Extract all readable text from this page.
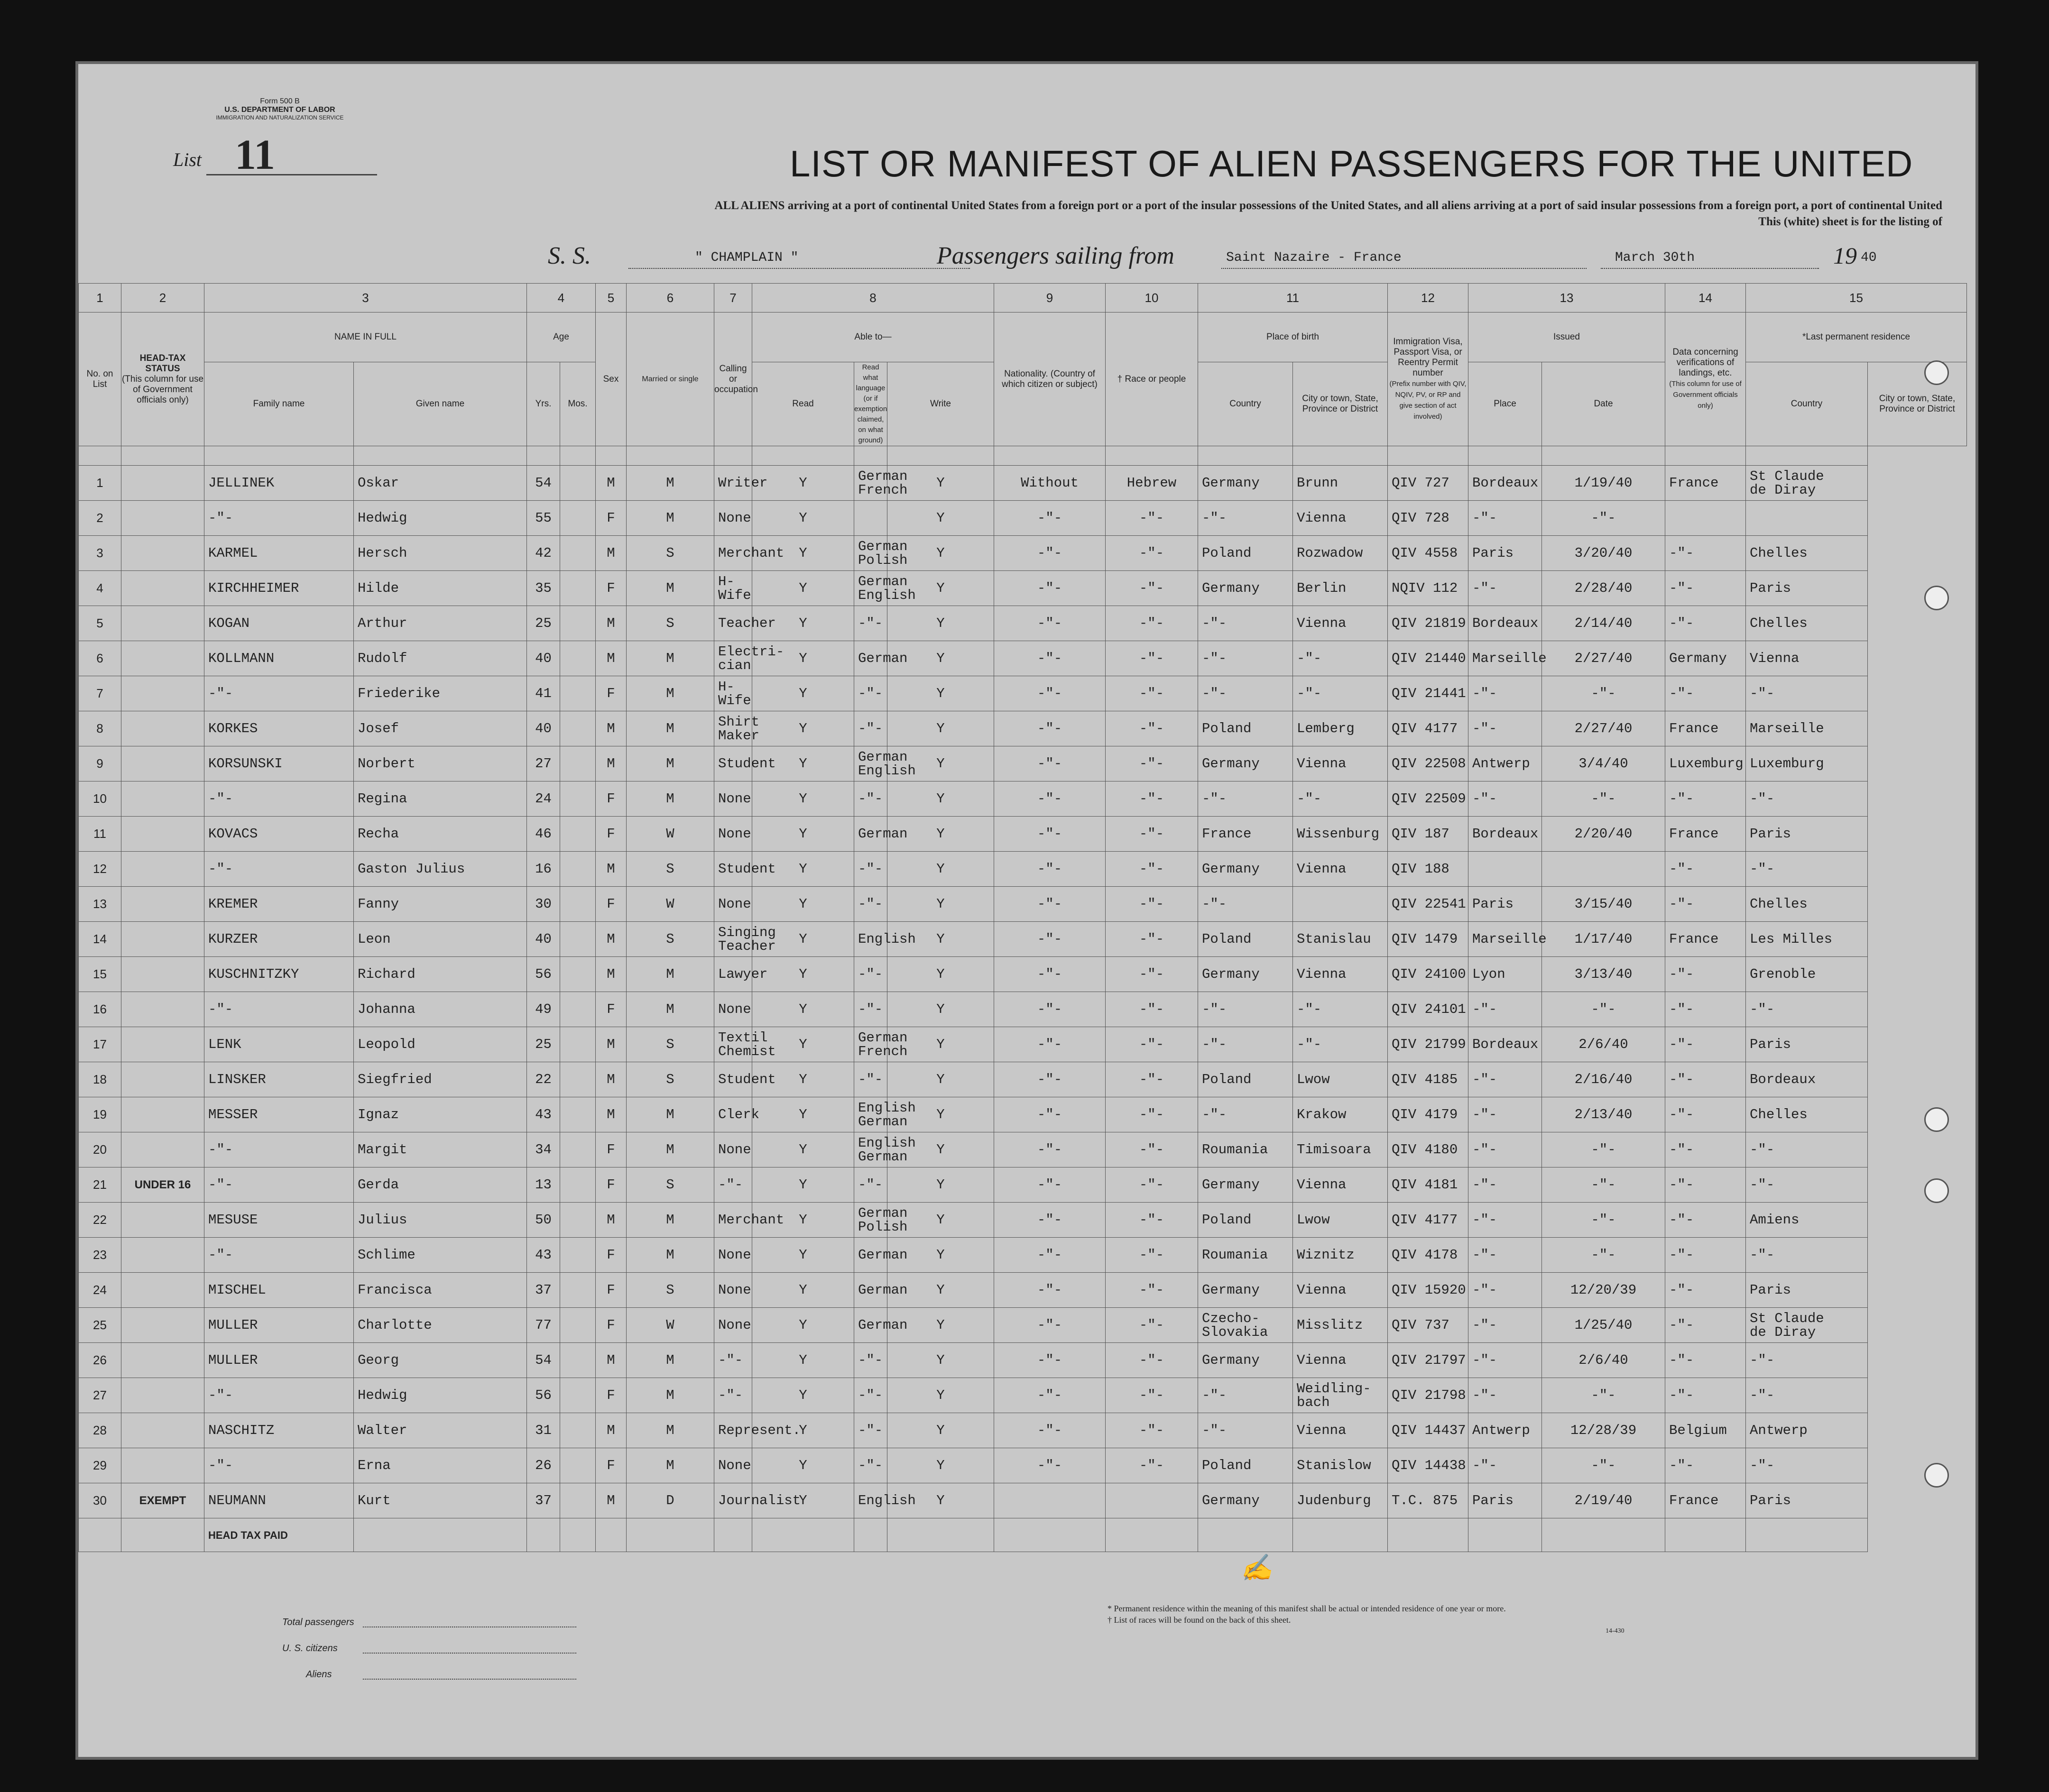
Form 500 B
U.S. DEPARTMENT OF LABOR
IMMIGRATION AND NATURALIZATION SERVICE
List 11	LIST OR MANIFEST OF ALIEN PASSENGERS FOR THE UNITED
ALL ALIENS arriving at a port of continental United States from a foreign port or a port of the insular possessions of the United States, and all aliens arriving at a port of said insular possessions from a foreign port, a port of continental United
This (white) sheet is for the listing of
S. S.	" CHAMPLAIN "	Passengers sailing from	Saint Nazaire - France	March 30th	19 40
1	2	3		4		5	6	7	8			9	10	11		12	13		14	15	
No. on List	HEAD-TAX STATUS
(This column for use of Government officials only)	NAME IN FULL		Age		Sex	Married or single	Calling or occupation	Able to—			Nationality. (Country of which citizen or subject)	† Race or people	Place of birth		Immigration Visa, Passport Visa, or Reentry Permit number
(Prefix number with QIV, NQIV, PV, or RP and give section of act involved)	Issued		Data concerning verifications of landings, etc.
(This column for use of Government officials only)	*Last permanent residence	
		Family name	Given name	Yrs.	Mos.				Read	Read what language (or if exemption claimed, on what ground)	Write			Country	City or town, State, Province or District		Place	Date		Country	City or town, State, Province or District

1		JELLINEK	Oskar	54		M	M	Writer	Y	German
French	Y	Without	Hebrew	Germany	Brunn	QIV 727	Bordeaux	1/19/40	France	St Claude
de Diray	
2		-"-	Hedwig	55		F	M	None	Y		Y	-"-	-"-	-"-	Vienna	QIV 728	-"-	-"-			
3		KARMEL	Hersch	42		M	S	Merchant	Y	German
Polish	Y	-"-	-"-	Poland	Rozwadow	QIV 4558	Paris	3/20/40	-"-	Chelles	
4		KIRCHHEIMER	Hilde	35		F	M	H-Wife	Y	German
English	Y	-"-	-"-	Germany	Berlin	NQIV 112	-"-	2/28/40	-"-	Paris	
5		KOGAN	Arthur	25		M	S	Teacher	Y	-"-	Y	-"-	-"-	-"-	Vienna	QIV 21819	Bordeaux	2/14/40	-"-	Chelles	
6		KOLLMANN	Rudolf	40		M	M	Electri-
cian	Y	German	Y	-"-	-"-	-"-	-"-	QIV 21440	Marseille	2/27/40	Germany	Vienna	
7		-"-	Friederike	41		F	M	H-Wife	Y	-"-	Y	-"-	-"-	-"-	-"-	QIV 21441	-"-	-"-	-"-	-"-	
8		KORKES	Josef	40		M	M	Shirt
Maker	Y	-"-	Y	-"-	-"-	Poland	Lemberg	QIV 4177	-"-	2/27/40	France	Marseille	
9		KORSUNSKI	Norbert	27		M	M	Student	Y	German
English	Y	-"-	-"-	Germany	Vienna	QIV 22508	Antwerp	3/4/40	Luxemburg	Luxemburg	
10		-"-	Regina	24		F	M	None	Y	-"-	Y	-"-	-"-	-"-	-"-	QIV 22509	-"-	-"-	-"-	-"-	
11		KOVACS	Recha	46		F	W	None	Y	German	Y	-"-	-"-	France	Wissenburg	QIV 187	Bordeaux	2/20/40	France	Paris	
12		-"-	Gaston Julius	16		M	S	Student	Y	-"-	Y	-"-	-"-	Germany	Vienna	QIV 188			-"-	-"-	
13		KREMER	Fanny	30		F	W	None	Y	-"-	Y	-"-	-"-	-"-		QIV 22541	Paris	3/15/40	-"-	Chelles	
14		KURZER	Leon	40		M	S	Singing
Teacher	Y	English	Y	-"-	-"-	Poland	Stanislau	QIV 1479	Marseille	1/17/40	France	Les Milles	
15		KUSCHNITZKY	Richard	56		M	M	Lawyer	Y	-"-	Y	-"-	-"-	Germany	Vienna	QIV 24100	Lyon	3/13/40	-"-	Grenoble	
16		-"-	Johanna	49		F	M	None	Y	-"-	Y	-"-	-"-	-"-	-"-	QIV 24101	-"-	-"-	-"-	-"-	
17		LENK	Leopold	25		M	S	Textil
Chemist	Y	German
French	Y	-"-	-"-	-"-	-"-	QIV 21799	Bordeaux	2/6/40	-"-	Paris	
18		LINSKER	Siegfried	22		M	S	Student	Y	-"-	Y	-"-	-"-	Poland	Lwow	QIV 4185	-"-	2/16/40	-"-	Bordeaux	
19		MESSER	Ignaz	43		M	M	Clerk	Y	English
German	Y	-"-	-"-	-"-	Krakow	QIV 4179	-"-	2/13/40	-"-	Chelles	
20		-"-	Margit	34		F	M	None	Y	English
German	Y	-"-	-"-	Roumania	Timisoara	QIV 4180	-"-	-"-	-"-	-"-	
21	UNDER 16	-"-	Gerda	13		F	S	-"-	Y	-"-	Y	-"-	-"-	Germany	Vienna	QIV 4181	-"-	-"-	-"-	-"-	
22		MESUSE	Julius	50		M	M	Merchant	Y	German
Polish	Y	-"-	-"-	Poland	Lwow	QIV 4177	-"-	-"-	-"-	Amiens	
23		-"-	Schlime	43		F	M	None	Y	German	Y	-"-	-"-	Roumania	Wiznitz	QIV 4178	-"-	-"-	-"-	-"-	
24		MISCHEL	Francisca	37		F	S	None	Y	German	Y	-"-	-"-	Germany	Vienna	QIV 15920	-"-	12/20/39	-"-	Paris	
25		MULLER	Charlotte	77		F	W	None	Y	German	Y	-"-	-"-	Czecho-
Slovakia	Misslitz	QIV 737	-"-	1/25/40	-"-	St Claude
de Diray	
26		MULLER	Georg	54		M	M	-"-	Y	-"-	Y	-"-	-"-	Germany	Vienna	QIV 21797	-"-	2/6/40	-"-	-"-	
27		-"-	Hedwig	56		F	M	-"-	Y	-"-	Y	-"-	-"-	-"-	Weidling-
bach	QIV 21798	-"-	-"-	-"-	-"-	
28		NASCHITZ	Walter	31		M	M	Represent.	Y	-"-	Y	-"-	-"-	-"-	Vienna	QIV 14437	Antwerp	12/28/39	Belgium	Antwerp	
29		-"-	Erna	26		F	M	None	Y	-"-	Y	-"-	-"-	Poland	Stanislow	QIV 14438	-"-	-"-	-"-	-"-	
30	EXEMPT	NEUMANN	Kurt	37		M	D	Journalist	Y	English	Y			Germany	Judenburg	T.C. 875	Paris	2/19/40	France	Paris	
		HEAD TAX PAID																			
✍
Total passengers
U. S. citizens
Aliens
* Permanent residence within the meaning of this manifest shall be actual or intended residence of one year or more.
† List of races will be found on the back of this sheet.
14-430
